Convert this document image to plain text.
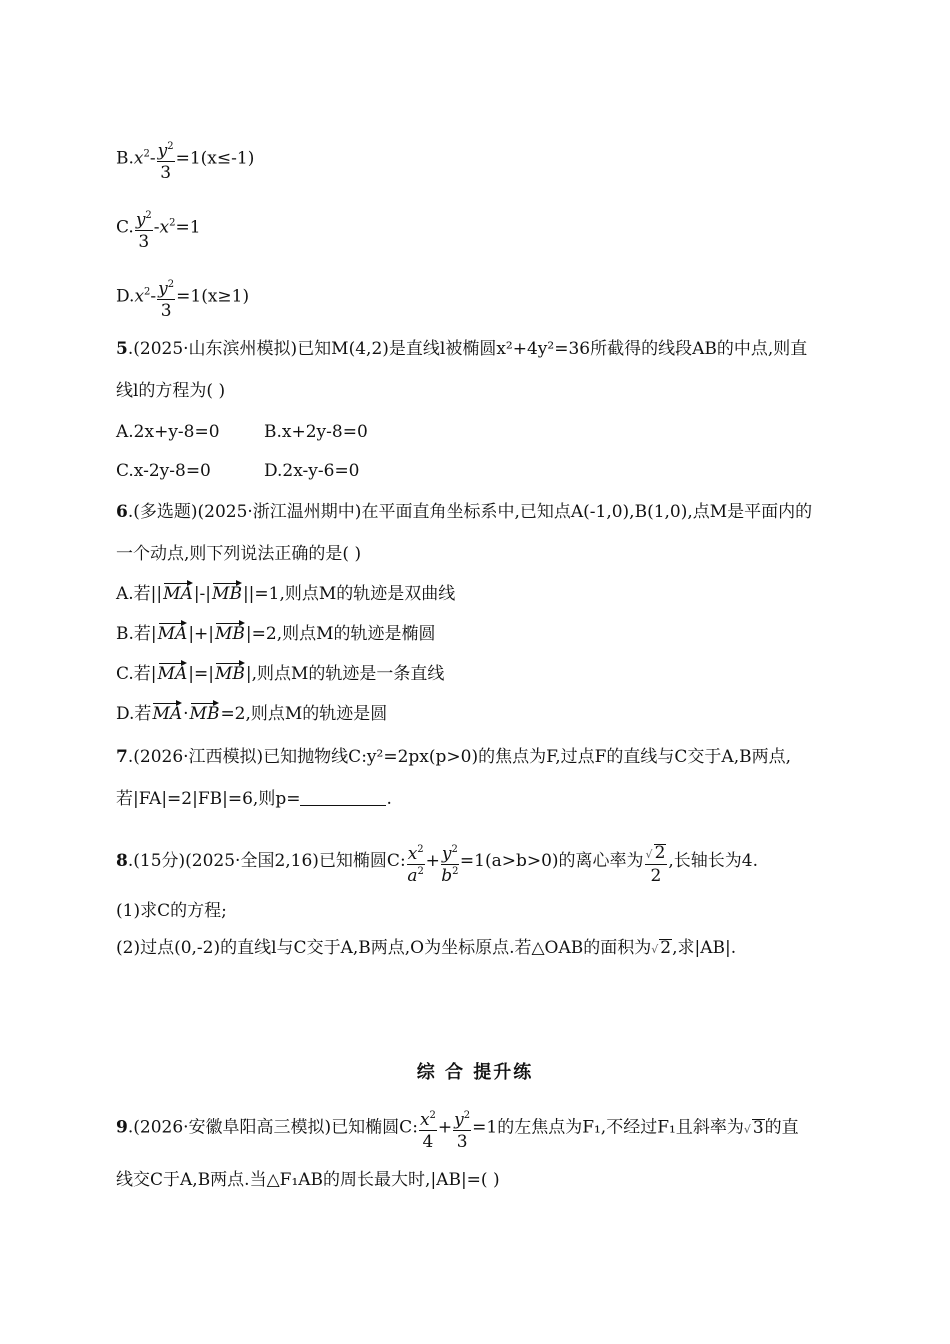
$B.x^2- \frac{y^2}{3} =1(x\le-1)$
C. $\frac{y^2}{3} -x^2=1$
$D.x^2- \frac{y^2}{3} =1(x\ge 1)$
5.(2025·山东滨州模拟)已知M(4,2)是直线l被椭圆x²+4y²=36所截得的线段AB的中点,则直
线l的方程为( )
A.2x+y-8=0	B.x+2y-8=0
C.x-2y-8=0	D.2x-y-6=0
6.(多选题)(2025·浙江温州期中)在平面直角坐标系中,已知点A(-1,0),B(1,0),点M是平面内的
一个动点,则下列说法正确的是( )
A.若||
MA|-|
MB||=1,则点M的轨迹是双曲线
B.若|
MA|+|
MB|=2,则点M的轨迹是椭圆
C.若|
MA|=|
MB|,则点M的轨迹是一条直线
D.若
MA·
MB=2,则点M的轨迹是圆
7.(2026·江西模拟)已知抛物线C:y²=2px(p>0)的焦点为F,过点F的直线与C交于A,B两点,
若|FA|=2|FB|=6,则p=	.
8.(15分)(2025·全国2,16)已知椭圆C: $\frac{x^2}{a^2} + \frac{y^2}{b^2} =1(a>b>0)$的离心率为 $\frac{√ 2}{2}$ ,长轴长为4.
(1)求C的方程;
(2)过点(0,-2)的直线l与C交于A,B两点,O为坐标原点.若△OAB的面积为√ 2,求|AB|.
综 合 提升练
9.(2026·安徽阜阳高三模拟)已知椭圆C: $\frac{x^2}{4} + \frac{y^2}{3} =1$的左焦点为F₁,不经过F₁且斜率为√ 3的直
线交C于A,B两点.当△F₁AB的周长最大时,|AB|=( )
